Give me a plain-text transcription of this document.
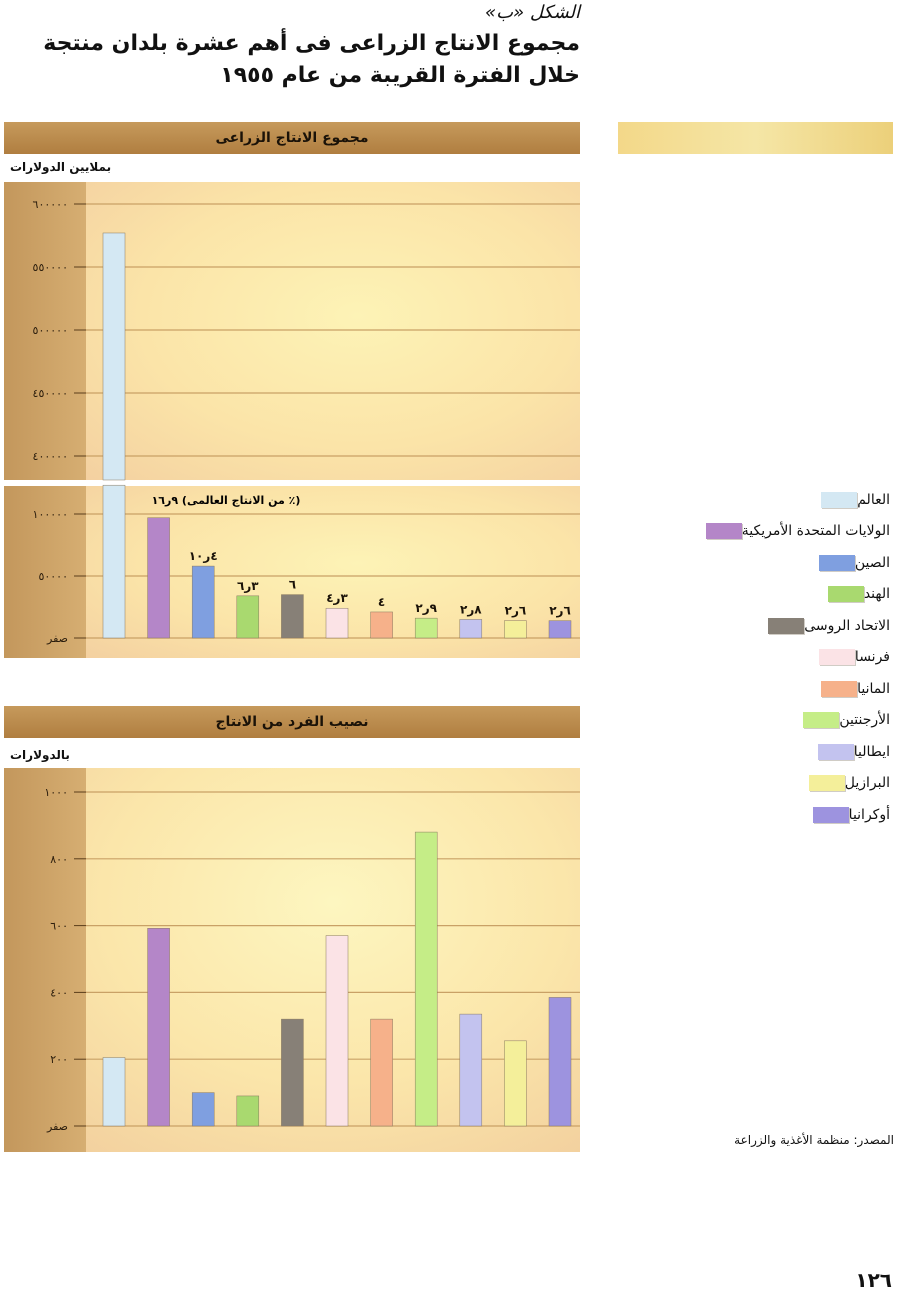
الشكل «ب»
مجموع الانتاج الزراعى فى أهم عشرة بلدان منتجة
خلال الفترة القريبة من عام ١٩٥٥
مجموع الانتاج الزراعى
بملايين الدولارات
صفر
٥٠٠٠٠
١٠٠٠٠٠
٤٠٠٠٠٠
٤٥٠٠٠٠
٥٠٠٠٠٠
٥٥٠٠٠٠
٦٠٠٠٠٠
٤ر١٠
٣ر٦	٦
٣ر٤	٤	٩ر٢ ٨ر٢ ٦ر٢ ٦ر٢
(٪ من الانتاج العالمى) ٩ر١٦
نصيب الفرد من الانتاج
بالدولارات
صفر
٢٠٠
٤٠٠
٦٠٠
٨٠٠
١٠٠٠
العالم
الولايات المتحدة الأمريكية
الصين
الهند
الاتحاد الروسى
فرنسا
المانيا
الأرجنتين
ايطاليا
البرازيل
أوكرانيا
المصدر: منظمة الأغذية والزراعة
١٢٦
